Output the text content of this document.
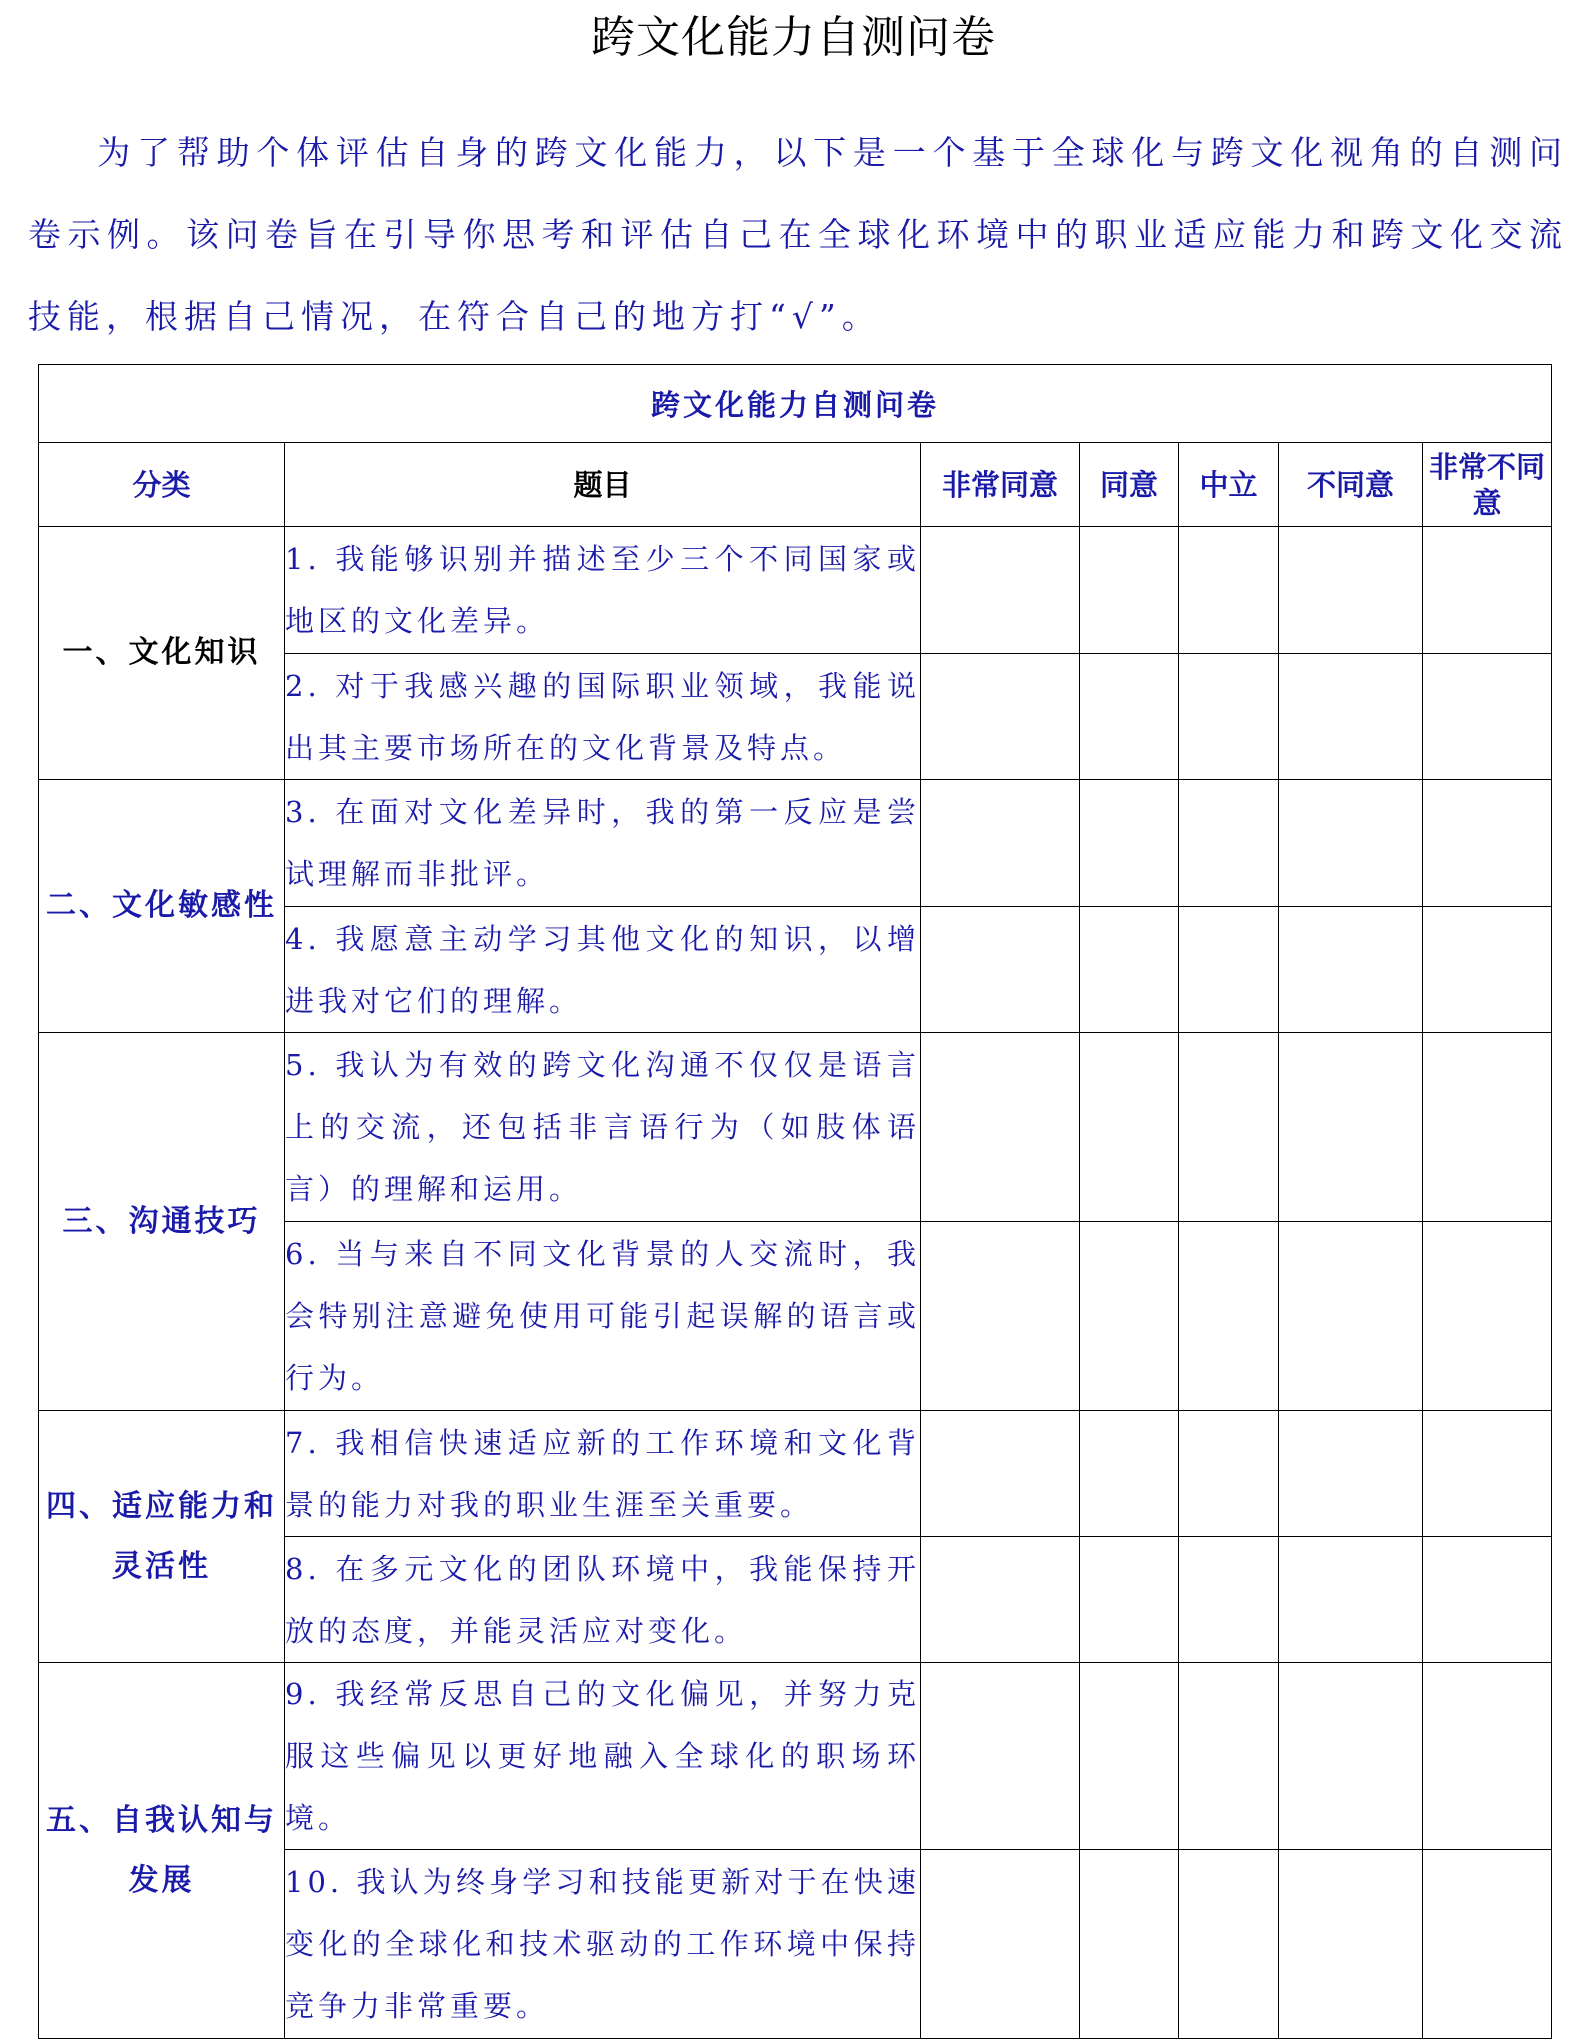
跨文化能力自测问卷

为了帮助个体评估自身的跨文化能力，以下是一个基于全球化与跨文化视角的自测问卷示例。该问卷旨在引导你思考和评估自己在全球化环境中的职业适应能力和跨文化交流技能，根据自己情况，在符合自己的地方打“√”。

跨文化能力自测问卷						
分类	题目	非常同意	同意	中立	不同意	非常不同意
一、文化知识	1. 我能够识别并描述至少三个不同国家或地区的文化差异。					
	2. 对于我感兴趣的国际职业领域，我能说出其主要市场所在的文化背景及特点。					
二、文化敏感性	3. 在面对文化差异时，我的第一反应是尝试理解而非批评。					
	4. 我愿意主动学习其他文化的知识，以增进我对它们的理解。					
三、沟通技巧	5. 我认为有效的跨文化沟通不仅仅是语言上的交流，还包括非言语行为（如肢体语言）的理解和运用。					
	6. 当与来自不同文化背景的人交流时，我会特别注意避免使用可能引起误解的语言或行为。					
四、适应能力和灵活性	7. 我相信快速适应新的工作环境和文化背景的能力对我的职业生涯至关重要。					
	8. 在多元文化的团队环境中，我能保持开放的态度，并能灵活应对变化。					
五、自我认知与发展	9. 我经常反思自己的文化偏见，并努力克服这些偏见以更好地融入全球化的职场环境。					
	10. 我认为终身学习和技能更新对于在快速变化的全球化和技术驱动的工作环境中保持竞争力非常重要。					
